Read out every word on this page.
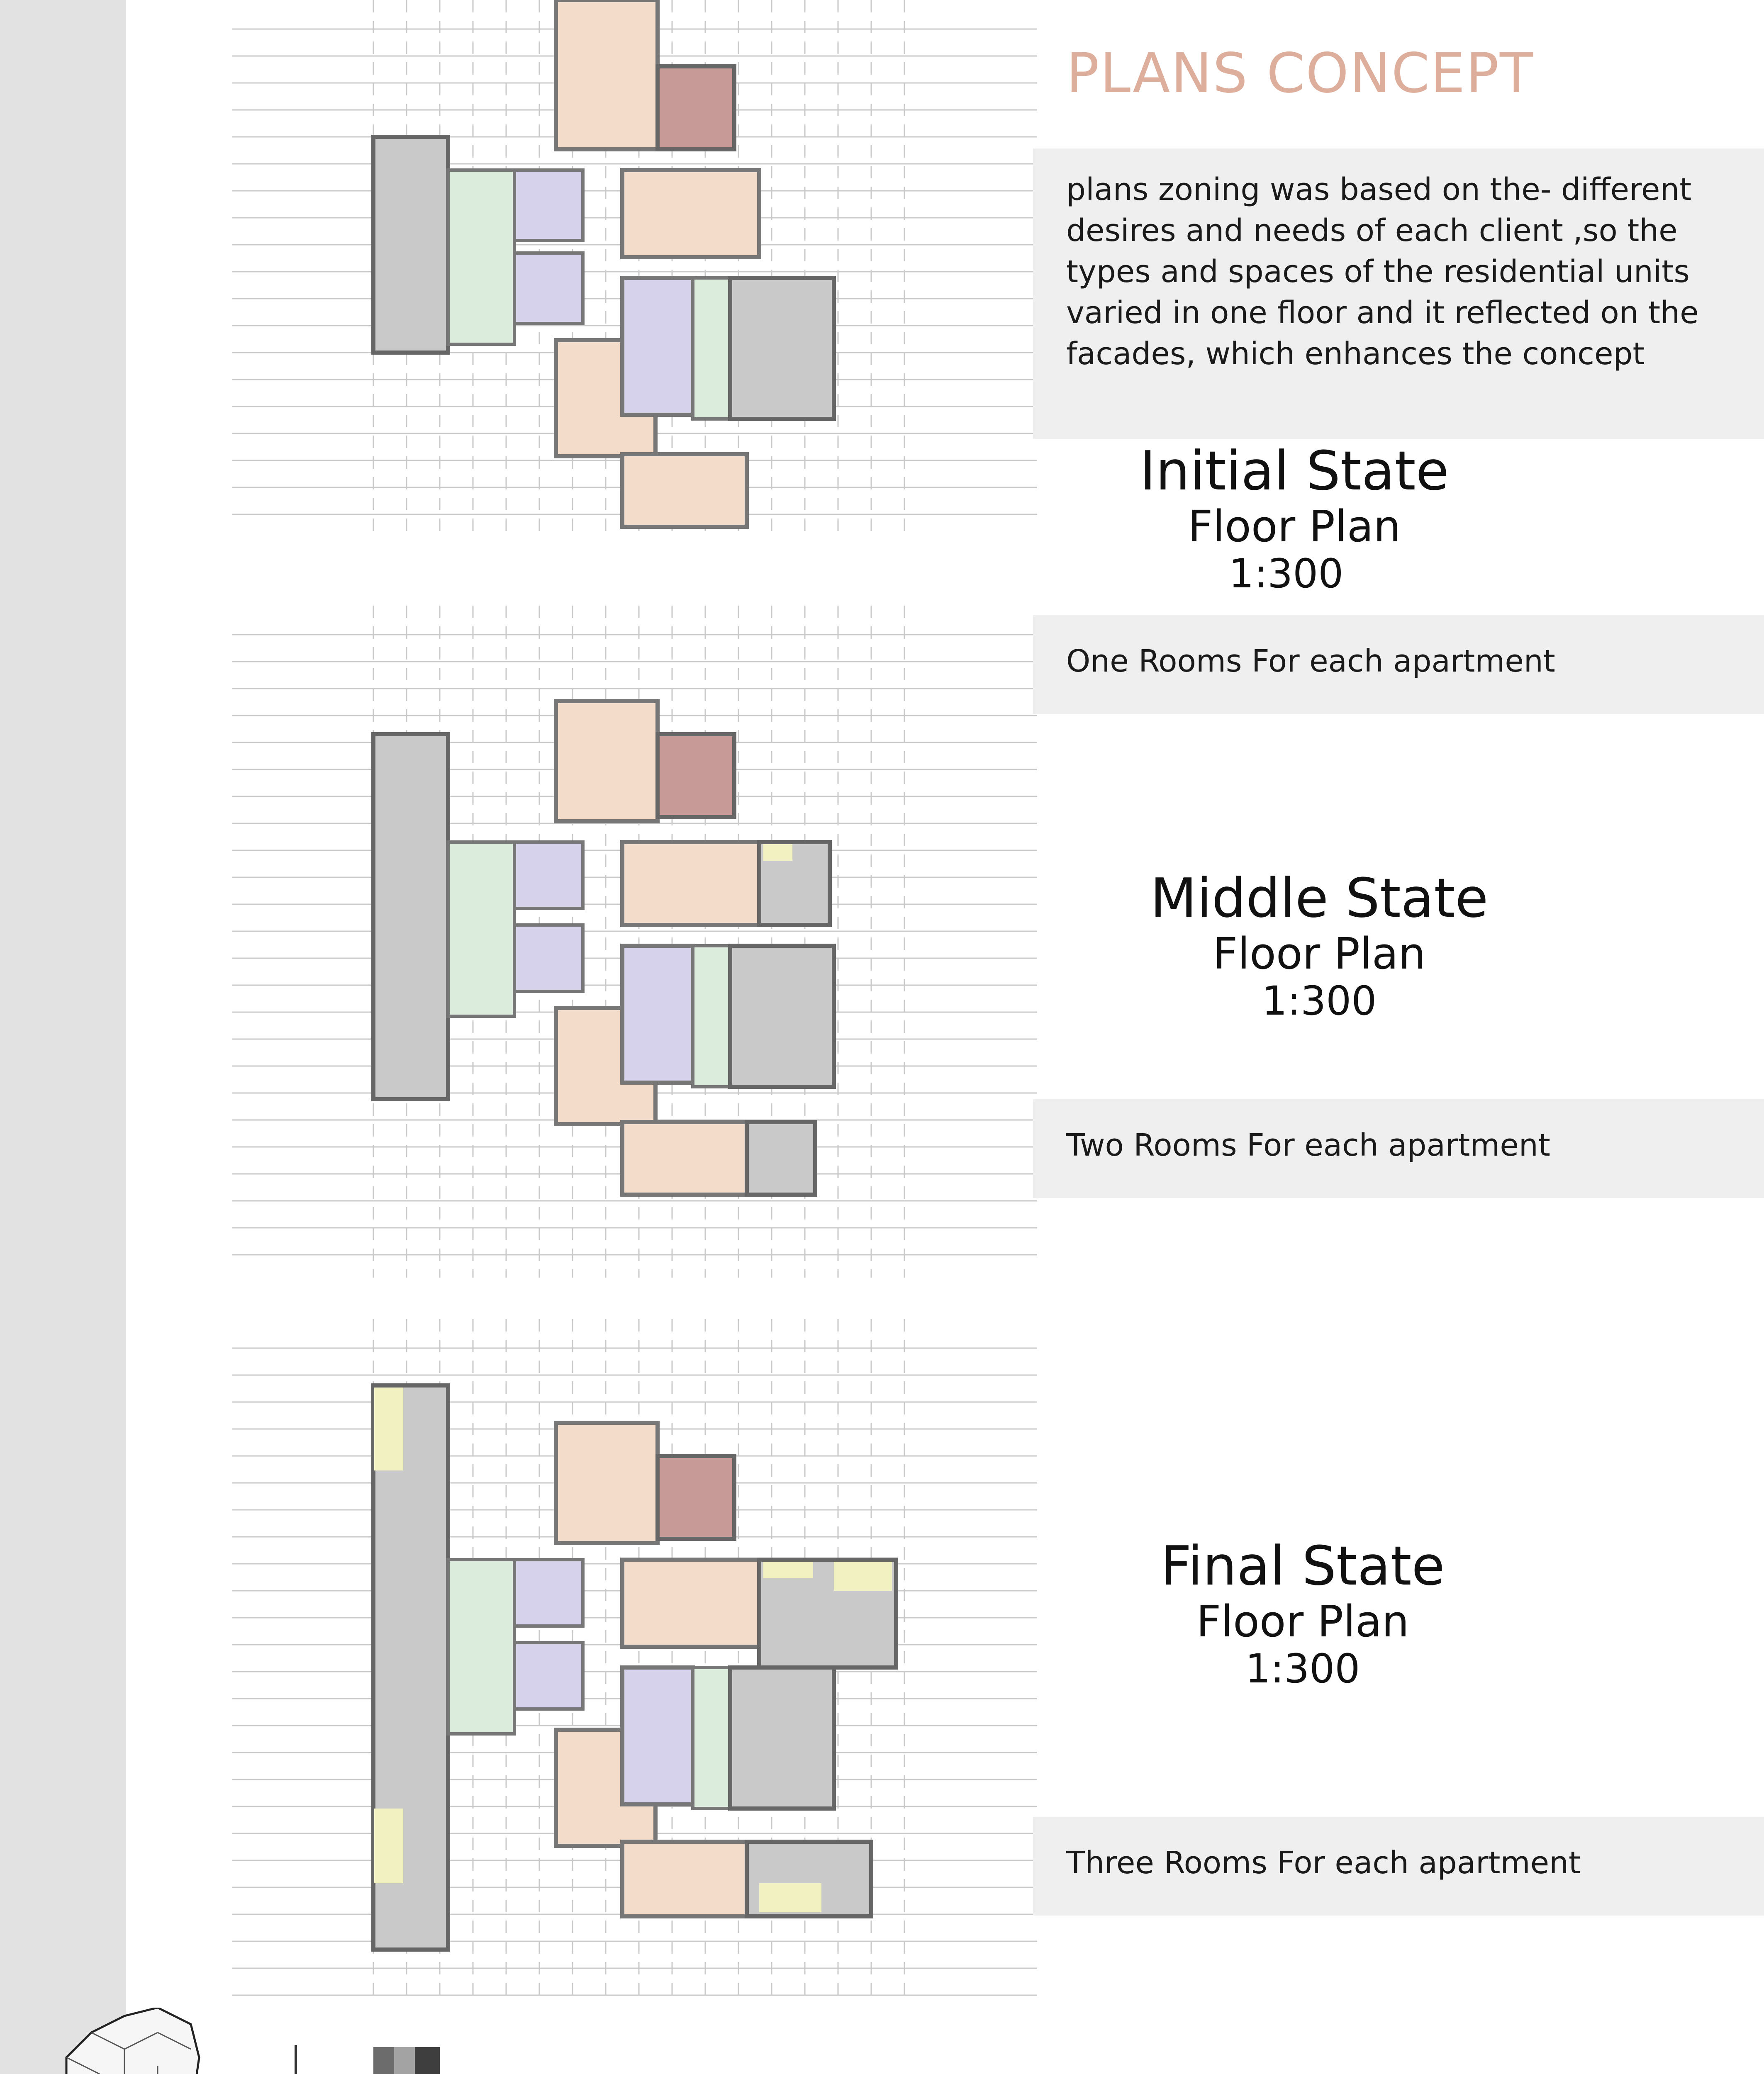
PLANS CONCEPT

plans zoning was based on the- different desires and needs of each client ,so the types and spaces of the residential units varied in one floor and it reflected on the facades, which enhances the concept

Initial State
Floor Plan
1:300
One Rooms For each apartment
Middle State
Floor Plan
1:300
Two Rooms For each apartment
Final State
Floor Plan
1:300
Three Rooms For each apartment
